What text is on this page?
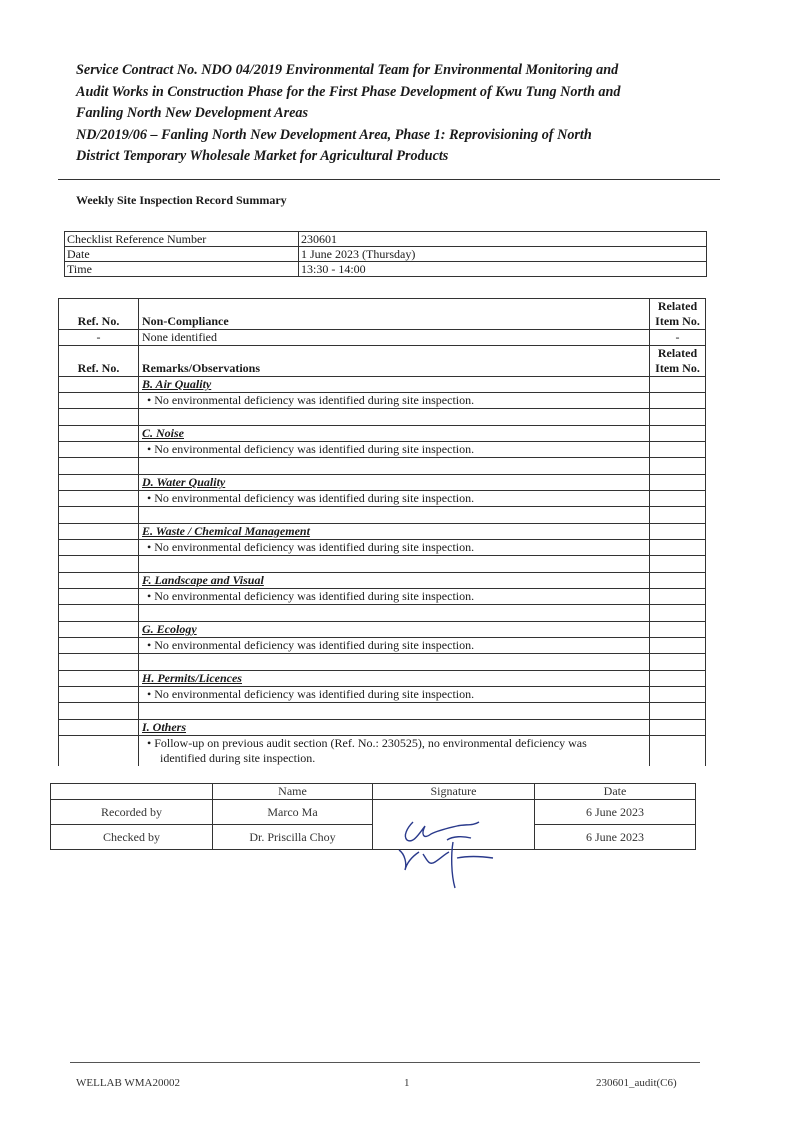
Service Contract No. NDO 04/2019 Environmental Team for Environmental Monitoring and

Audit Works in Construction Phase for the First Phase Development of Kwu Tung North and

Fanling North New Development Areas

ND/2019/06 – Fanling North New Development Area, Phase 1: Reprovisioning of North

District Temporary Wholesale Market for Agricultural Products

Weekly Site Inspection Record Summary
Checklist Reference Number	230601
Date	1 June 2023 (Thursday)
Time	13:30 - 14:00
Ref. No.	Non-Compliance	Related
Item No.
-	None identified	-
Ref. No.	Remarks/Observations	Related
Item No.
	B. Air Quality	
	• No environmental deficiency was identified during site inspection.	

	C. Noise	
	• No environmental deficiency was identified during site inspection.	

	D. Water Quality	
	• No environmental deficiency was identified during site inspection.	

	E. Waste / Chemical Management	
	• No environmental deficiency was identified during site inspection.	

	F. Landscape and Visual	
	• No environmental deficiency was identified during site inspection.	

	G. Ecology	
	• No environmental deficiency was identified during site inspection.	

	H. Permits/Licences	
	• No environmental deficiency was identified during site inspection.	

	I. Others	
	• Follow-up on previous audit section (Ref. No.: 230525), no environmental deficiency was
identified during site inspection.	

	Name	Signature	Date
Recorded by	Marco Ma		6 June 2023
Checked by	Dr. Priscilla Choy		6 June 2023
WELLAB WMA20002	1	230601_audit(C6)
